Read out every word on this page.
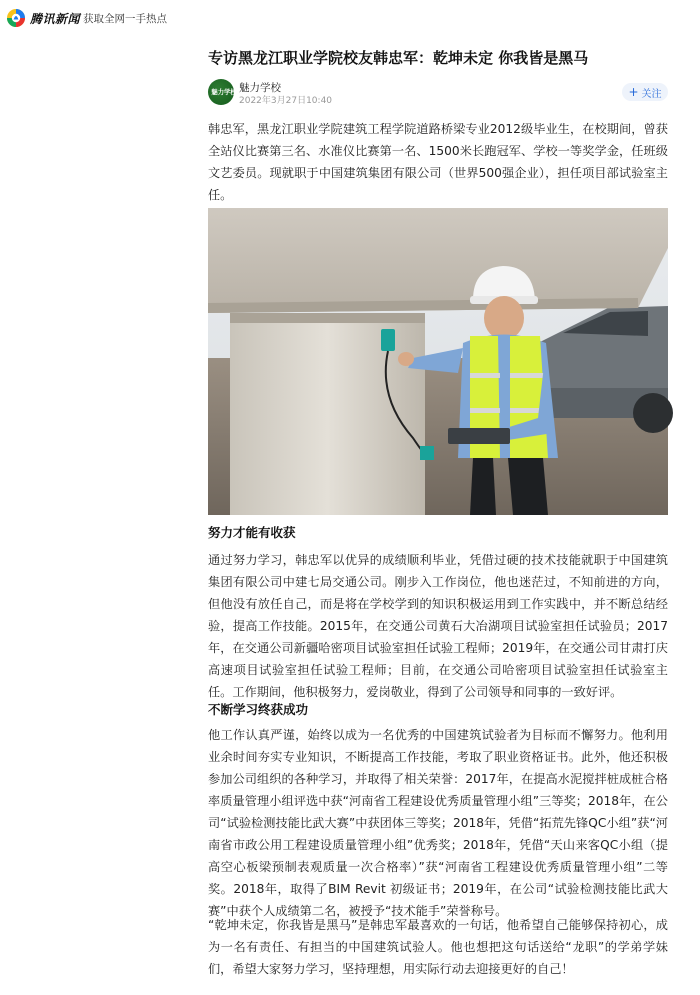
腾讯新闻 获取全网一手热点
专访黑龙江职业学院校友韩忠军：乾坤未定 你我皆是黑马
魅力学校 魅力学校
2022年3月27日10:40
+ 关注

韩忠军，黑龙江职业学院建筑工程学院道路桥梁专业2012级毕业生，在校期间，曾获全站仪比赛第三名、水准仪比赛第一名、1500米长跑冠军、学校一等奖学金，任班级文艺委员。现就职于中国建筑集团有限公司（世界500强企业），担任项目部试验室主任。

努力才能有收获

通过努力学习，韩忠军以优异的成绩顺利毕业，凭借过硬的技术技能就职于中国建筑集团有限公司中建七局交通公司。刚步入工作岗位，他也迷茫过，不知前进的方向，但他没有放任自己，而是将在学校学到的知识积极运用到工作实践中，并不断总结经验，提高工作技能。2015年，在交通公司黄石大冶湖项目试验室担任试验员；2017年，在交通公司新疆哈密项目试验室担任试验工程师；2019年，在交通公司甘肃打庆高速项目试验室担任试验工程师；目前，在交通公司哈密项目试验室担任试验室主任。工作期间，他积极努力，爱岗敬业，得到了公司领导和同事的一致好评。

不断学习终获成功

他工作认真严谨，始终以成为一名优秀的中国建筑试验者为目标而不懈努力。他利用业余时间夯实专业知识，不断提高工作技能，考取了职业资格证书。此外，他还积极参加公司组织的各种学习，并取得了相关荣誉：2017年，在提高水泥搅拌桩成桩合格率质量管理小组评选中获“河南省工程建设优秀质量管理小组”三等奖；2018年，在公司“试验检测技能比武大赛”中获团体三等奖；2018年，凭借“拓荒先锋QC小组”获“河南省市政公用工程建设质量管理小组”优秀奖；2018年，凭借“天山来客QC小组（提高空心板梁预制表观质量一次合格率）”获“河南省工程建设优秀质量管理小组”二等奖。2018年，取得了BIM Revit 初级证书；2019年，在公司“试验检测技能比武大赛”中获个人成绩第二名，被授予“技术能手”荣誉称号。

“乾坤未定，你我皆是黑马”是韩忠军最喜欢的一句话，他希望自己能够保持初心，成为一名有责任、有担当的中国建筑试验人。他也想把这句话送给“龙职”的学弟学妹们，希望大家努力学习，坚持理想，用实际行动去迎接更好的自己！
